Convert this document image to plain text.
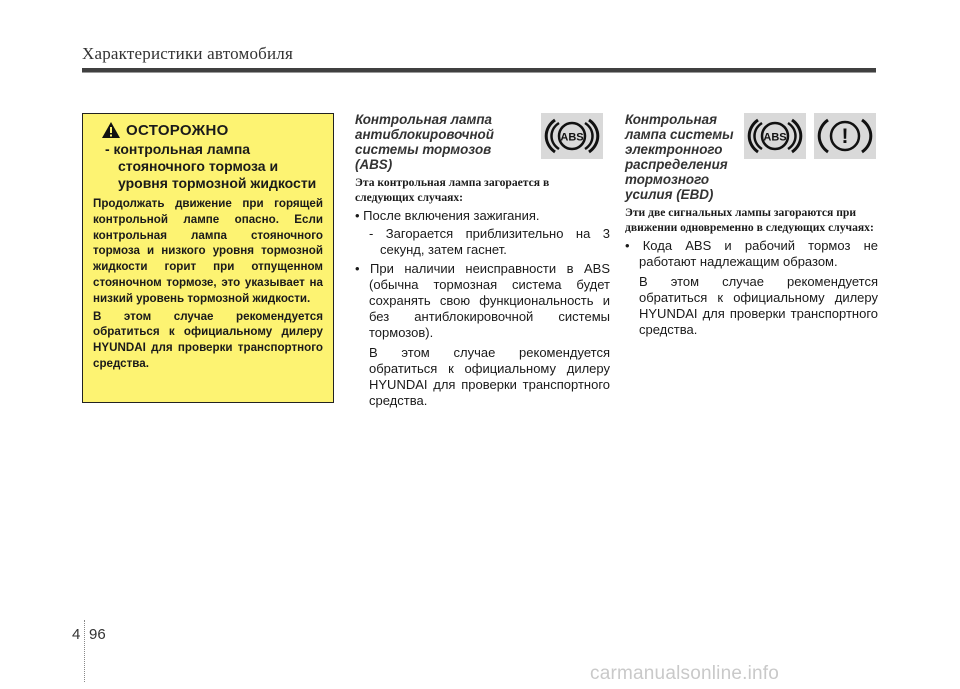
Характеристики автомобиля
ОСТОРОЖНО
- контрольная лампа стояночного тормоза и уровня тормозной жидкости

Продолжать движение при горящей контрольной лампе опасно. Если контрольная лампа стояночного тормоза и низкого уровня тормозной жидкости горит при отпущенном стояночном тормозе, это указывает на низкий уровень тормозной жидкости.

В этом случае рекомендуется обратиться к официальному дилеру HYUNDAI для проверки транспортного средства.

ABS	ABS	!
Контрольная лампа антиблокировочной системы тормозов (ABS)
Эта контрольная лампа загорается в следующих случаях:
• После включения зажигания.
- Загорается приблизительно на 3 секунд, затем гаснет.
• При наличии неисправности в ABS (обычна тормозная система будет сохранять свою функциональность и без антиблокировочной системы тормозов).
В этом случае рекомендуется обратиться к официальному дилеру HYUNDAI для проверки транспортного средства.
Контрольная лампа системы электронного распределения тормозного усилия (EBD)
Эти две сигнальных лампы загораются при движении одновременно в следующих случаях:
• Кода ABS и рабочий тормоз не работают надлежащим образом.
В этом случае рекомендуется обратиться к официальному дилеру HYUNDAI для проверки транспортного средства.
4 96
carmanualsonline.info
